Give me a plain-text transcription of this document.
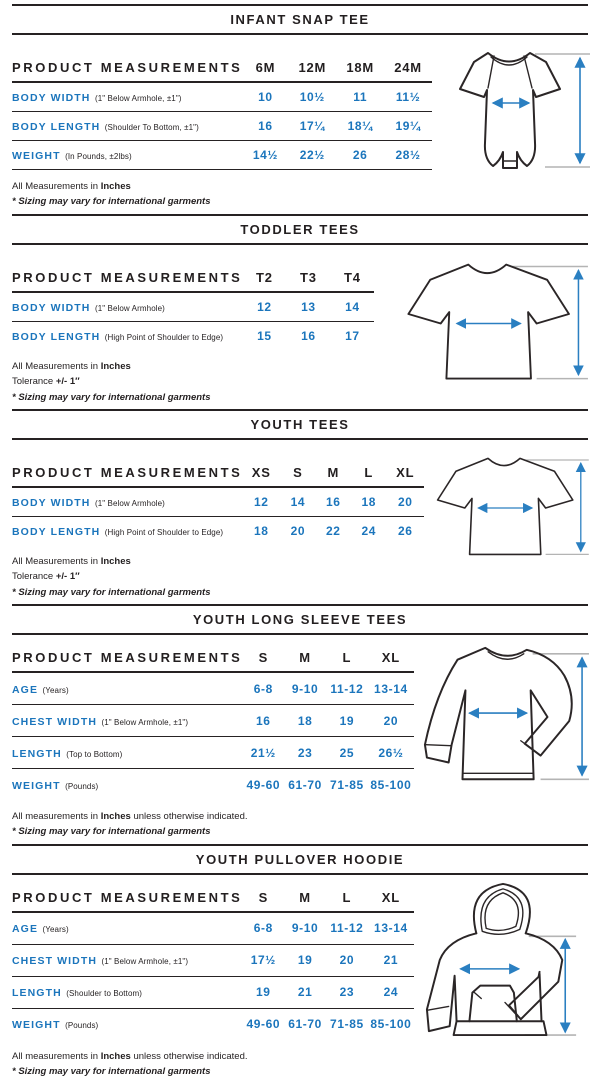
INFANT SNAP TEE
PRODUCT MEASUREMENTS	6M	12M	18M	24M
BODY WIDTH (1" Below Armhole, ±1")	10	10½	11	11½
BODY LENGTH (Shoulder To Bottom, ±1")	16	17¼	18¼	19¼
WEIGHT (In Pounds, ±2lbs)	14½	22½	26	28½

All Measurements in Inches

* Sizing may vary for international garments

TODDLER TEES
PRODUCT MEASUREMENTS	T2	T3	T4
BODY WIDTH (1" Below Armhole)	12	13	14
BODY LENGTH (High Point of Shoulder to Edge)	15	16	17

All Measurements in Inches

Tolerance +/- 1″

* Sizing may vary for international garments

YOUTH TEES
PRODUCT MEASUREMENTS	XS	S	M	L	XL
BODY WIDTH (1" Below Armhole)	12	14	16	18	20
BODY LENGTH (High Point of Shoulder to Edge)	18	20	22	24	26

All Measurements in Inches

Tolerance +/- 1″

* Sizing may vary for international garments

YOUTH LONG SLEEVE TEES
PRODUCT MEASUREMENTS	S	M	L	XL
AGE (Years)	6-8	9-10	11-12	13-14
CHEST WIDTH (1" Below Armhole, ±1")	16	18	19	20
LENGTH (Top to Bottom)	21½	23	25	26½
WEIGHT (Pounds)	49-60	61-70	71-85	85-100

All measurements in Inches unless otherwise indicated.

* Sizing may vary for international garments

YOUTH PULLOVER HOODIE
PRODUCT MEASUREMENTS	S	M	L	XL
AGE (Years)	6-8	9-10	11-12	13-14
CHEST WIDTH (1" Below Armhole, ±1")	17½	19	20	21
LENGTH (Shoulder to Bottom)	19	21	23	24
WEIGHT (Pounds)	49-60	61-70	71-85	85-100

All measurements in Inches unless otherwise indicated.

* Sizing may vary for international garments
